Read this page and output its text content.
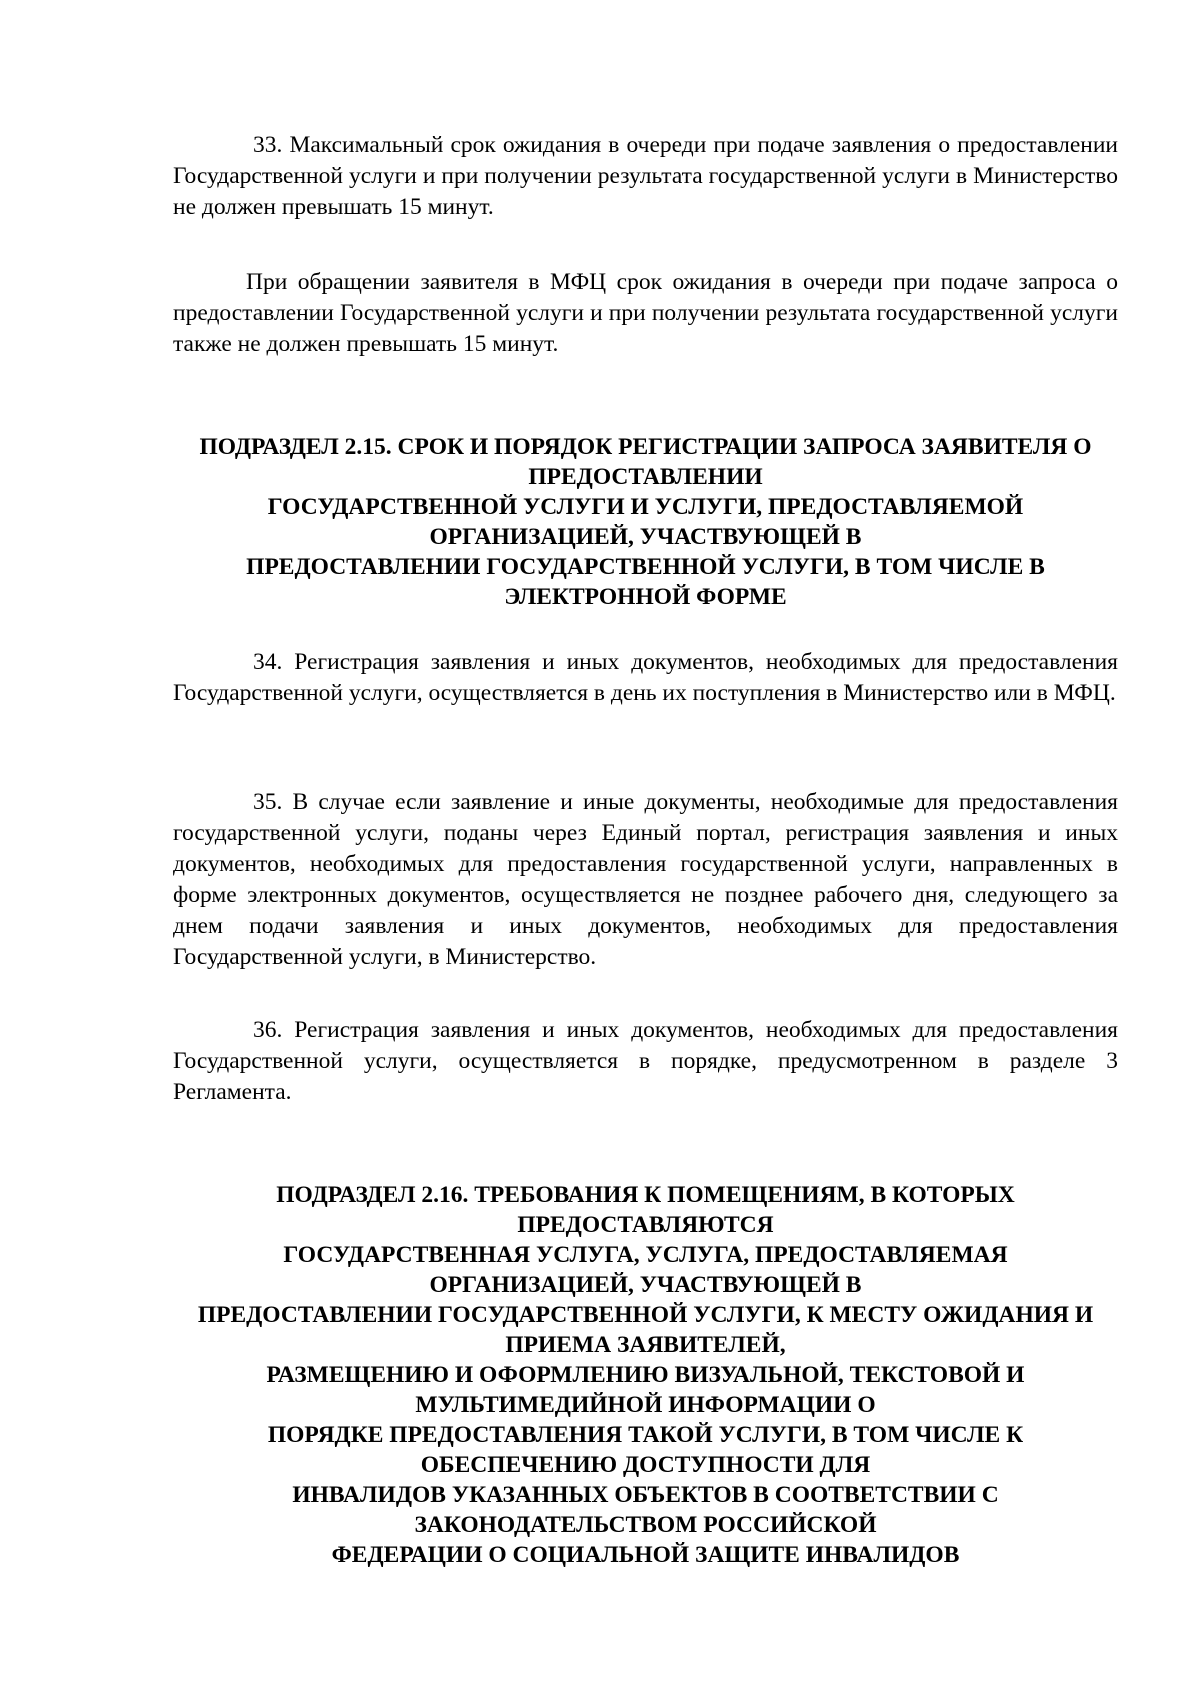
33. Максимальный срок ожидания в очереди при подаче заявления о предоставлении Государственной услуги и при получении результата государственной услуги в Министерство не должен превышать 15 минут.

При обращении заявителя в МФЦ срок ожидания в очереди при подаче запроса о предоставлении Государственной услуги и при получении результата государственной услуги также не должен превышать 15 минут.

ПОДРАЗДЕЛ 2.15. СРОК И ПОРЯДОК РЕГИСТРАЦИИ ЗАПРОСА ЗАЯВИТЕЛЯ О
ПРЕДОСТАВЛЕНИИ
ГОСУДАРСТВЕННОЙ УСЛУГИ И УСЛУГИ, ПРЕДОСТАВЛЯЕМОЙ
ОРГАНИЗАЦИЕЙ, УЧАСТВУЮЩЕЙ В
ПРЕДОСТАВЛЕНИИ ГОСУДАРСТВЕННОЙ УСЛУГИ, В ТОМ ЧИСЛЕ В
ЭЛЕКТРОННОЙ ФОРМЕ

34. Регистрация заявления и иных документов, необходимых для предоставления Государственной услуги, осуществляется в день их поступления в Министерство или в МФЦ.

35. В случае если заявление и иные документы, необходимые для предоставления государственной услуги, поданы через Единый портал, регистрация заявления и иных документов, необходимых для предоставления государственной услуги, направленных в форме электронных документов, осуществляется не позднее рабочего дня, следующего за днем подачи заявления и иных документов, необходимых для предоставления Государственной услуги, в Министерство.

36. Регистрация заявления и иных документов, необходимых для предоставления Государственной услуги, осуществляется в порядке, предусмотренном в разделе 3 Регламента.

ПОДРАЗДЕЛ 2.16. ТРЕБОВАНИЯ К ПОМЕЩЕНИЯМ, В КОТОРЫХ
ПРЕДОСТАВЛЯЮТСЯ
ГОСУДАРСТВЕННАЯ УСЛУГА, УСЛУГА, ПРЕДОСТАВЛЯЕМАЯ
ОРГАНИЗАЦИЕЙ, УЧАСТВУЮЩЕЙ В
ПРЕДОСТАВЛЕНИИ ГОСУДАРСТВЕННОЙ УСЛУГИ, К МЕСТУ ОЖИДАНИЯ И
ПРИЕМА ЗАЯВИТЕЛЕЙ,
РАЗМЕЩЕНИЮ И ОФОРМЛЕНИЮ ВИЗУАЛЬНОЙ, ТЕКСТОВОЙ И
МУЛЬТИМЕДИЙНОЙ ИНФОРМАЦИИ О
ПОРЯДКЕ ПРЕДОСТАВЛЕНИЯ ТАКОЙ УСЛУГИ, В ТОМ ЧИСЛЕ К
ОБЕСПЕЧЕНИЮ ДОСТУПНОСТИ ДЛЯ
ИНВАЛИДОВ УКАЗАННЫХ ОБЪЕКТОВ В СООТВЕТСТВИИ С
ЗАКОНОДАТЕЛЬСТВОМ РОССИЙСКОЙ
ФЕДЕРАЦИИ О СОЦИАЛЬНОЙ ЗАЩИТЕ ИНВАЛИДОВ
